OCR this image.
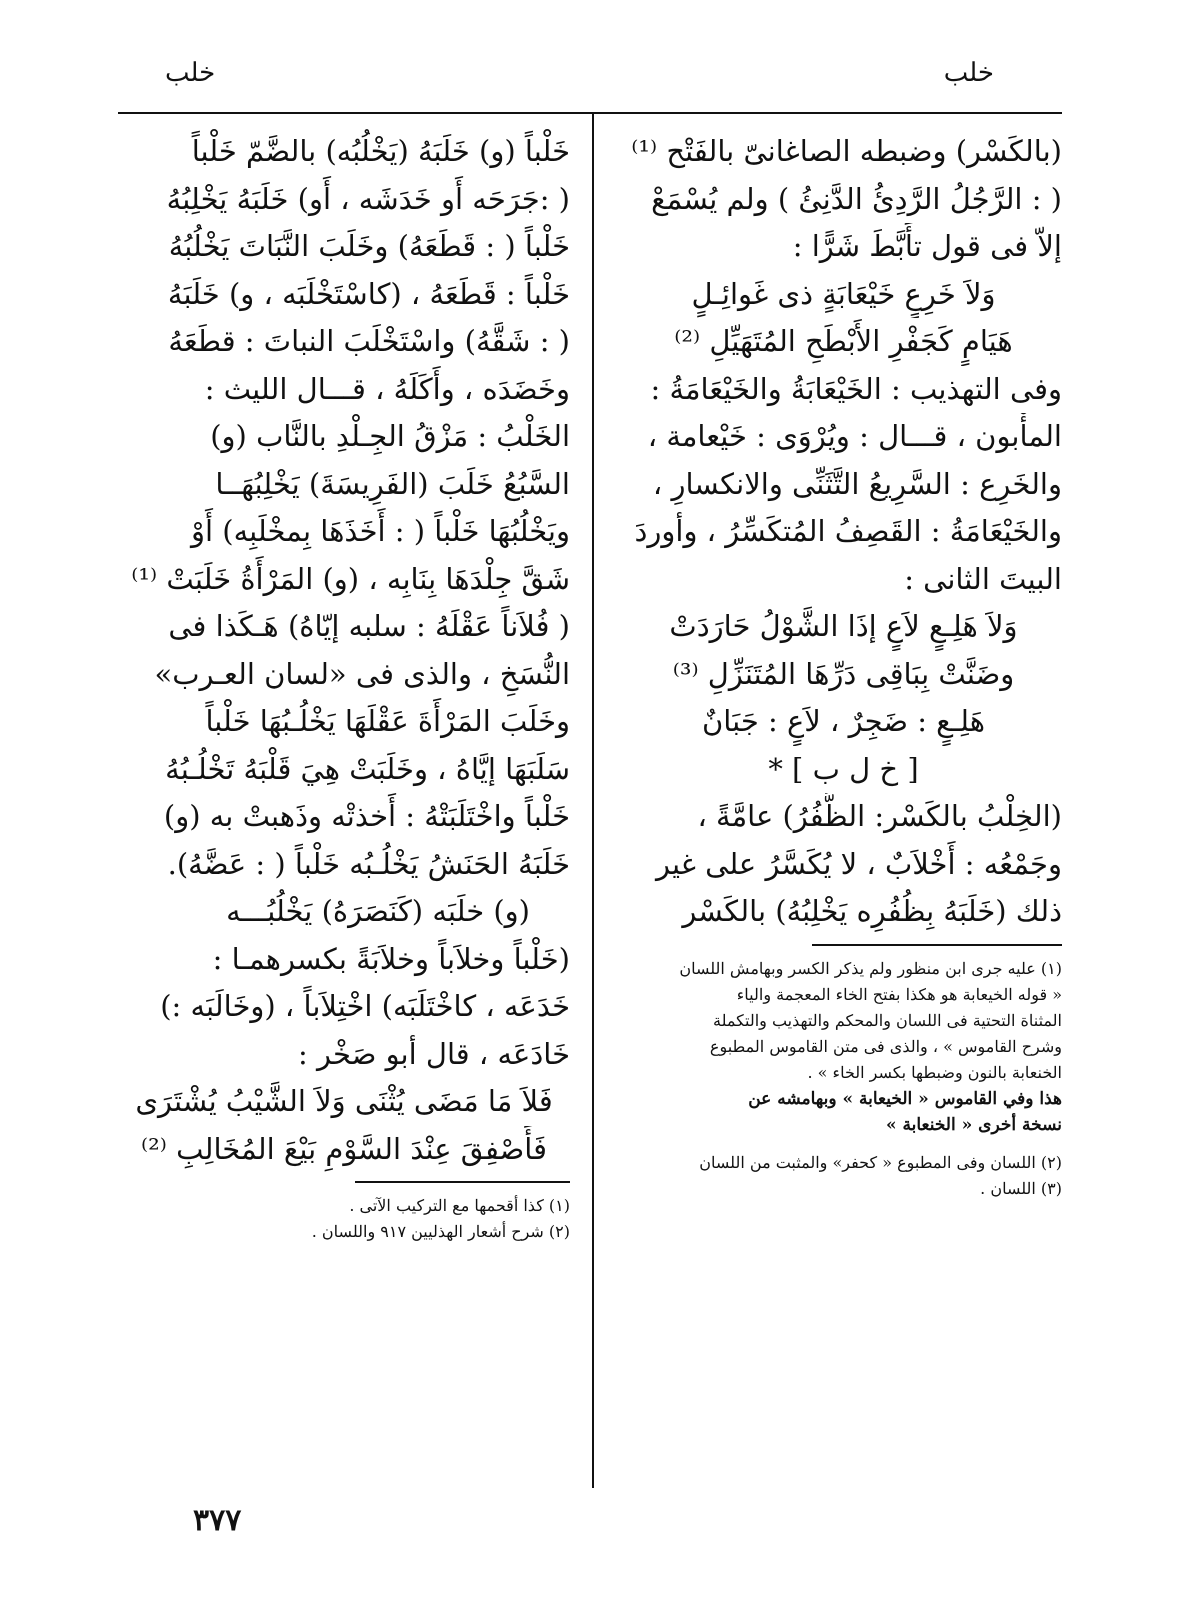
خلب
خلب
(بالكَسْر) وضبطه الصاغانىّ بالفَتْح ⁽¹⁾
( : الرَّجُلُ الرَّدِئُ الدَّنِئُ ) ولم يُسْمَعْ
إلاّ فى قول تأَبَّطَ شَرًّا :
وَلاَ خَرِعٍ خَيْعَابَةٍ ذى غَوائِـلٍ
هَيَامٍ كَجَفْرِ الأَبْطَحِ المُتَهَيِّلِ ⁽²⁾
وفى التهذيب : الخَيْعَابَةُ والخَيْعَامَةُ :
المأْبون ، قـــال : ويُرْوَى : خَيْعامة ،
والخَرِع : السَّرِيعُ التَّثَنِّى والانكسارِ ،
والخَيْعَامَةُ : القَصِفُ المُتكَسِّرُ ، وأوردَ
البيتَ الثانى :
وَلاَ هَلِـعٍ لاَعٍ إذَا الشَّوْلُ حَارَدَتْ
وضَنَّتْ بِبَاقِى دَرِّهَا المُتَنَزِّلِ ⁽³⁾
هَلِـعٍ : ضَجِرٌ ، لاَعٍ : جَبَانٌ
[ خ ل ب ] *
(الخِلْبُ بالكَسْر: الظُّفُرُ) عامَّةً ،
وجَمْعُه : أَخْلاَبٌ ، لا يُكَسَّرُ على غير
ذلك (خَلَبَهُ بِظُفُرِه يَخْلِبُهُ) بالكَسْر
(١) عليه جرى ابن منظور ولم يذكر الكسر وبهامش اللسان
« قوله الخيعابة هو هكذا بفتح الخاء المعجمة والياء
المثناة التحتية فى اللسان والمحكم والتهذيب والتكملة
وشرح القاموس » ، والذى فى متن القاموس المطبوع
الخنعابة بالنون وضبطها بكسر الخاء » .
هذا وفي القاموس « الخيعابة » وبهامشه عن
نسخة أخرى « الخنعابة »
(٢) اللسان وفى المطبوع « كحفر» والمثبت من اللسان
(٣) اللسان .
خَلْباً (و) خَلَبَهُ (يَخْلُبُه) بالضَّمّ خَلْباً
( :جَرَحَه أَو خَدَشَه ، أَو) خَلَبَهُ يَخْلِبُهُ
خَلْباً ( : قَطَعَهُ) وخَلَبَ النَّبَاتَ يَخْلُبُهُ
خَلْباً : قَطَعَهُ ، (كاسْتَخْلَبَه ، و) خَلَبَهُ
( : شَقَّهُ) واسْتَخْلَبَ النباتَ : قطَعَهُ
وخَضَدَه ، وأَكَلَهُ ، قـــال الليث :
الخَلْبُ : مَزْقُ الجِـلْدِ بالنَّاب (و)
السَّبُعُ خَلَبَ (الفَرِيسَةَ) يَخْلِبُهَــا
ويَخْلُبُهَا خَلْباً ( : أَخَذَهَا بِمخْلَبِه) أَوْ
شَقَّ جِلْدَهَا بِنَابِه ، (و) المَرْأَةُ خَلَبَتْ ⁽¹⁾
( فُلاَناً عَقْلَهُ : سلبه إيّاهُ) هَـكَذا فى
النُّسَخِ ، والذى فى «لسان العـرب»
وخَلَبَ المَرْأَةَ عَقْلَهَا يَخْلُـبُهَا خَلْباً
سَلَبَهَا إيَّاهُ ، وخَلَبَتْ هِيَ قَلْبَهُ تَخْلُـبُهُ
خَلْباً واخْتَلَبَتْهُ : أَخذتْه وذَهبتْ به (و)
خَلَبَهُ الحَنَشُ يَخْلُـبُه خَلْباً ( : عَضَّهُ).
(و) خلَبَه (كَنَصَرَهُ) يَخْلُبُـــه
(خَلْباً وخلاَباً وخلاَبَةً بكسرهمـا :
خَدَعَه ، كاخْتَلَبَه) اخْتِلاَباً ، (وخَالَبَه :)
خَادَعَه ، قال أبو صَخْر :
فَلاَ مَا مَضَى يُثْنَى وَلاَ الشَّيْبُ يُشْتَرَى
فَأَصْفِقَ عِنْدَ السَّوْمِ بَيْعَ المُخَالِبِ ⁽²⁾
(١) كذا أقحمها مع التركيب الآتى .
(٢) شرح أشعار الهذليين ٩١٧ واللسان .
٣٧٧
